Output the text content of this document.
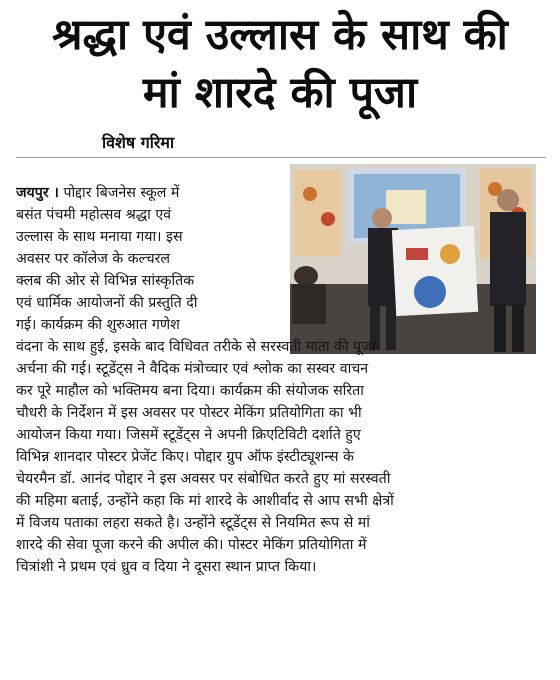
श्रद्धा एवं उल्लास के साथ की
मां शारदे की पूजा
विशेष गरिमा
जयपुर । पोद्दार बिजनेस स्कूल में
बसंत पंचमी महोत्सव श्रद्धा एवं
उल्लास के साथ मनाया गया। इस
अवसर पर कॉलेज के कल्चरल
क्लब की ओर से विभिन्न सांस्कृतिक
एवं धार्मिक आयोजनों की प्रस्तुति दी
गई। कार्यक्रम की शुरुआत गणेश
वंदना के साथ हुई, इसके बाद विधिवत तरीके से सरस्वती माता की पूजा
अर्चना की गई। स्टूडेंट्स ने वैदिक मंत्रोच्चार एवं श्लोक का सस्वर वाचन
कर पूरे माहौल को भक्तिमय बना दिया। कार्यक्रम की संयोजक सरिता
चौधरी के निर्देशन में इस अवसर पर पोस्टर मेकिंग प्रतियोगिता का भी
आयोजन किया गया। जिसमें स्टूडेंट्स ने अपनी क्रिएटिविटी दर्शाते हुए
विभिन्न शानदार पोस्टर प्रेजेंट किए। पोद्दार ग्रुप ऑफ इंस्टीट्यूशन्स के
चेयरमैन डॉ. आनंद पोद्दार ने इस अवसर पर संबोधित करते हुए मां सरस्वती
की महिमा बताई, उन्होंने कहा कि मां शारदे के आशीर्वाद से आप सभी क्षेत्रों
में विजय पताका लहरा सकते है। उन्होंने स्टूडेंट्स से नियमित रूप से मां
शारदे की सेवा पूजा करने की अपील की। पोस्टर मेकिंग प्रतियोगिता में
चित्रांशी ने प्रथम एवं ध्रुव व दिया ने दूसरा स्थान प्राप्त किया।
